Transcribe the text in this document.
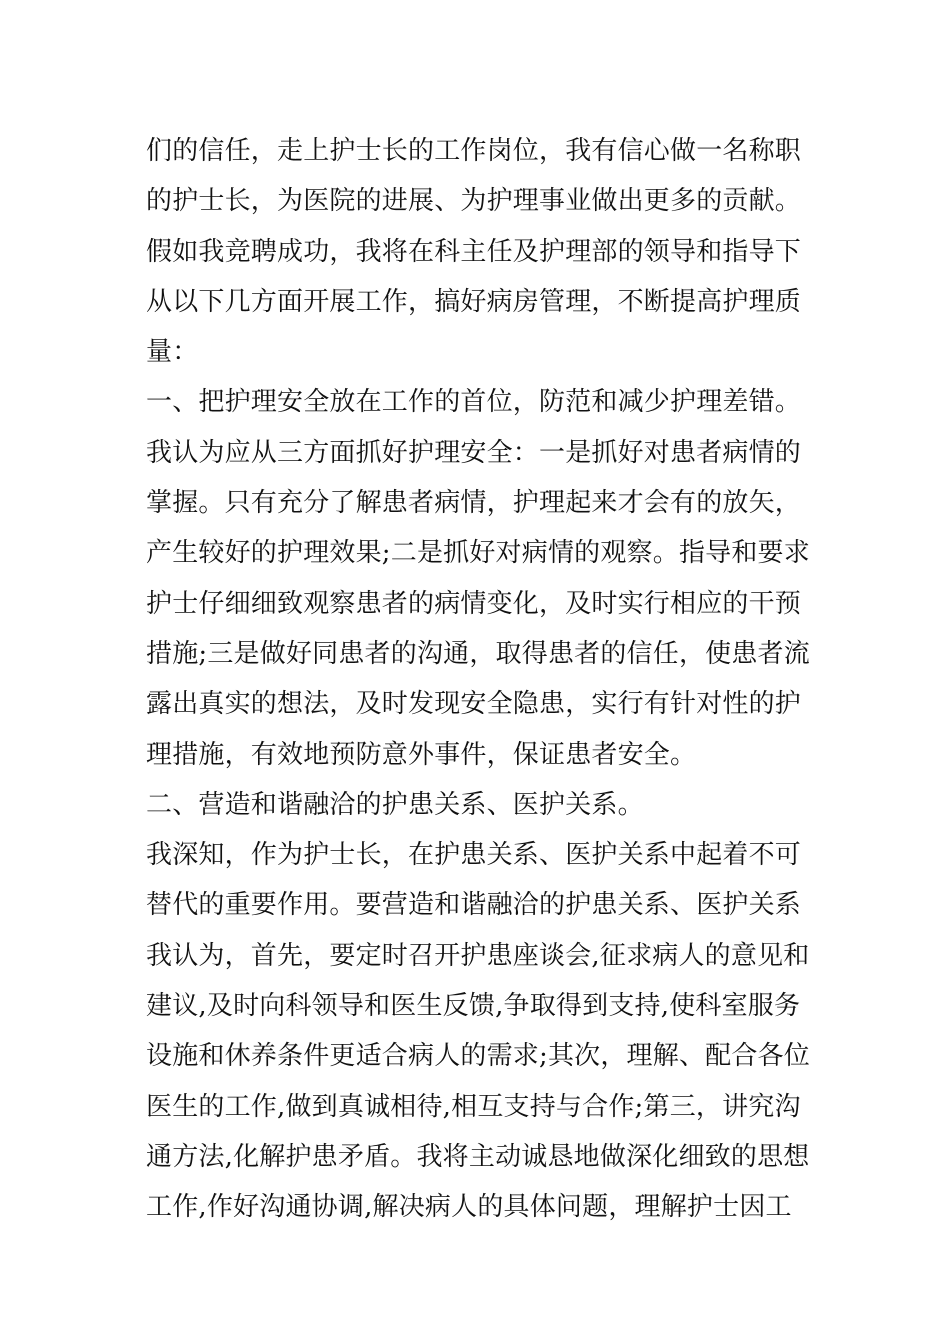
们的信任，走上护士长的工作岗位，我有信心做一名称职
的护士长，为医院的进展、为护理事业做出更多的贡献。
假如我竞聘成功，我将在科主任及护理部的领导和指导下
从以下几方面开展工作，搞好病房管理，不断提高护理质
量：
一、把护理安全放在工作的首位，防范和减少护理差错。
我认为应从三方面抓好护理安全：一是抓好对患者病情的
掌握。只有充分了解患者病情，护理起来才会有的放矢，
产生较好的护理效果;二是抓好对病情的观察。指导和要求
护士仔细细致观察患者的病情变化，及时实行相应的干预
措施;三是做好同患者的沟通，取得患者的信任，使患者流
露出真实的想法，及时发现安全隐患，实行有针对性的护
理措施，有效地预防意外事件，保证患者安全。
二、营造和谐融洽的护患关系、医护关系。
我深知，作为护士长，在护患关系、医护关系中起着不可
替代的重要作用。要营造和谐融洽的护患关系、医护关系
我认为，首先，要定时召开护患座谈会,征求病人的意见和
建议,及时向科领导和医生反馈,争取得到支持,使科室服务
设施和休养条件更适合病人的需求;其次，理解、配合各位
医生的工作,做到真诚相待,相互支持与合作;第三，讲究沟
通方法,化解护患矛盾。我将主动诚恳地做深化细致的思想
工作,作好沟通协调,解决病人的具体问题，理解护士因工
